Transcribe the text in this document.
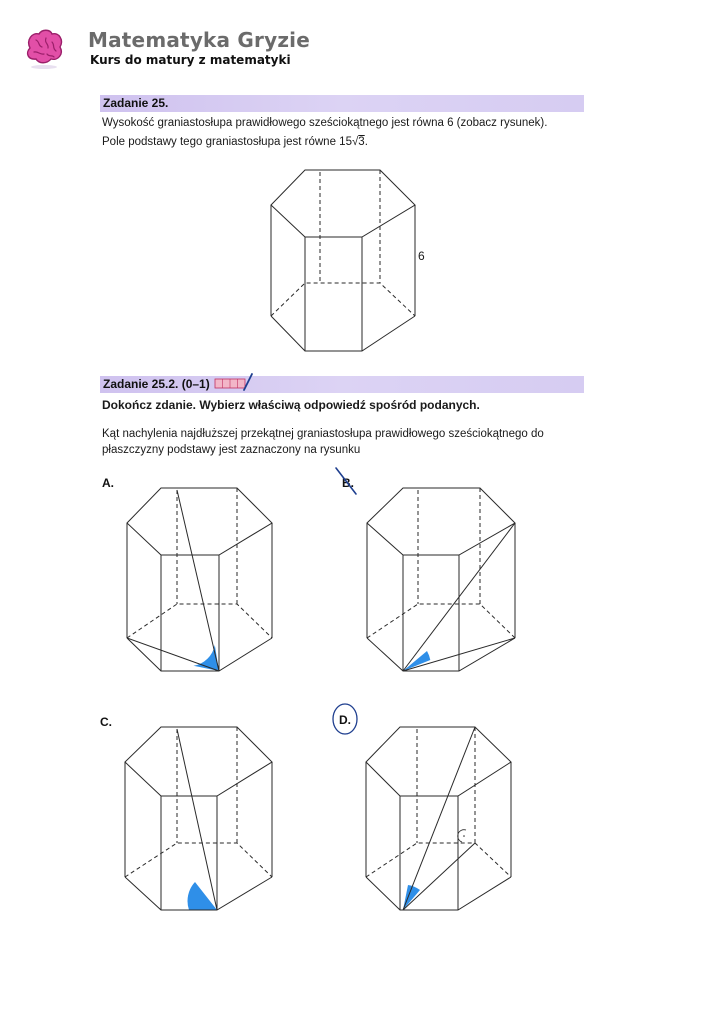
Matematyka Gryzie
Kurs do matury z matematyki
Zadanie 25.
Wysokość graniastosłupa prawidłowego sześciokątnego jest równa 6 (zobacz rysunek).
Pole podstawy tego graniastosłupa jest równe 15√3.
Zadanie 25.2. (0–1)
Dokończ zdanie. Wybierz właściwą odpowiedź spośród podanych.
Kąt nachylenia najdłuższej przekątnej graniastosłupa prawidłowego sześciokątnego do
płaszczyzny podstawy jest zaznaczony na rysunku
A.	B.
C.	D.
6
